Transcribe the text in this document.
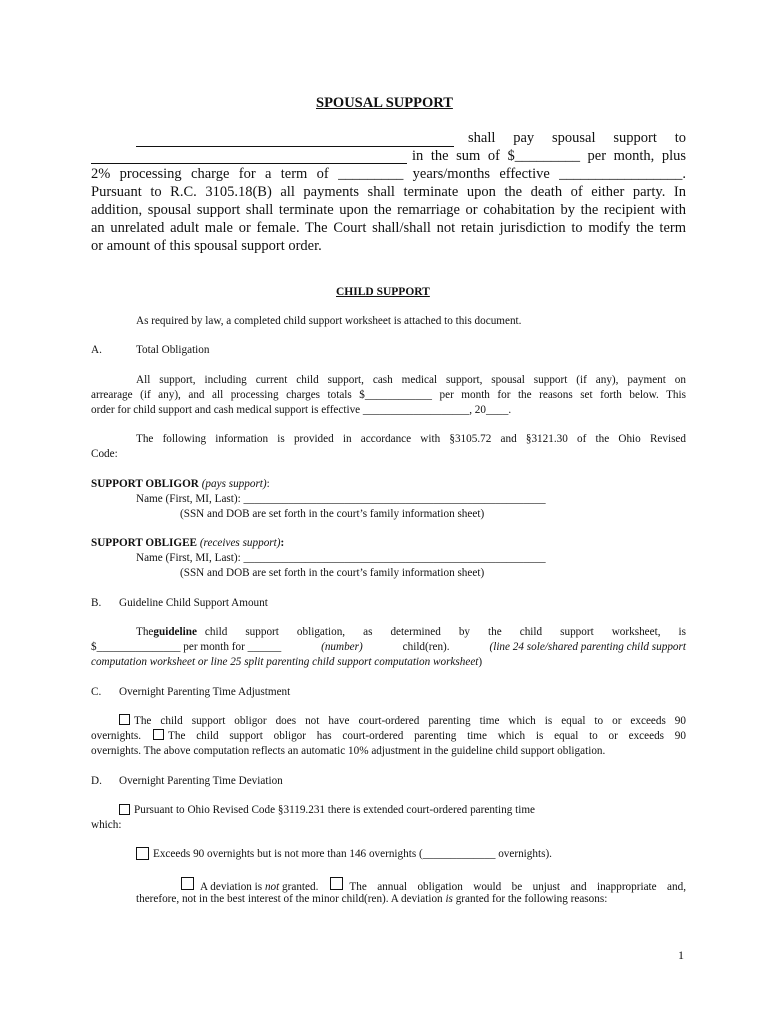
SPOUSAL SUPPORT
shall pay spousal support to
in the sum of $_________ per month, plus
2% processing charge for a term of _________ years/months effective _________________.
Pursuant to R.C. 3105.18(B) all payments shall terminate upon the death of either party. In
addition, spousal support shall terminate upon the remarriage or cohabitation by the recipient with
an unrelated adult male or female. The Court shall/shall not retain jurisdiction to modify the term
or amount of this spousal support order.
CHILD SUPPORT
As required by law, a completed child support worksheet is attached to this document.
A.	Total Obligation
All support, including current child support, cash medical support, spousal support (if any), payment on
arrearage (if any), and all processing charges totals $____________ per month for the reasons set forth below. This
order for child support and cash medical support is effective ___________________, 20____.
The following information is provided in accordance with §3105.72 and §3121.30 of the Ohio Revised
Code:
SUPPORT OBLIGOR (pays support):
Name (First, MI, Last): ______________________________________________________
(SSN and DOB are set forth in the court’s family information sheet)
SUPPORT OBLIGEE (receives support):
Name (First, MI, Last): ______________________________________________________
(SSN and DOB are set forth in the court’s family information sheet)
B. Guideline Child Support Amount
The guideline child support obligation, as determined by the child support worksheet, is
$_______________ per month for ______	(number)	child(ren).	(line 24 sole/shared parenting child support
computation worksheet or line 25 split parenting child support computation worksheet)
C. Overnight Parenting Time Adjustment
The child support obligor does not have court-ordered parenting time which is equal to or exceeds 90
overnights. The child support obligor has court-ordered parenting time which is equal to or exceeds 90
overnights. The above computation reflects an automatic 10% adjustment in the guideline child support obligation.
D. Overnight Parenting Time Deviation
Pursuant to Ohio Revised Code §3119.231 there is extended court-ordered parenting time
which:
Exceeds 90 overnights but is not more than 146 overnights (_____________ overnights).
A deviation is
not
granted.	The annual obligation would be unjust and inappropriate and,
therefore, not in the best interest of the minor child(ren). A deviation is granted for the following reasons:
1
